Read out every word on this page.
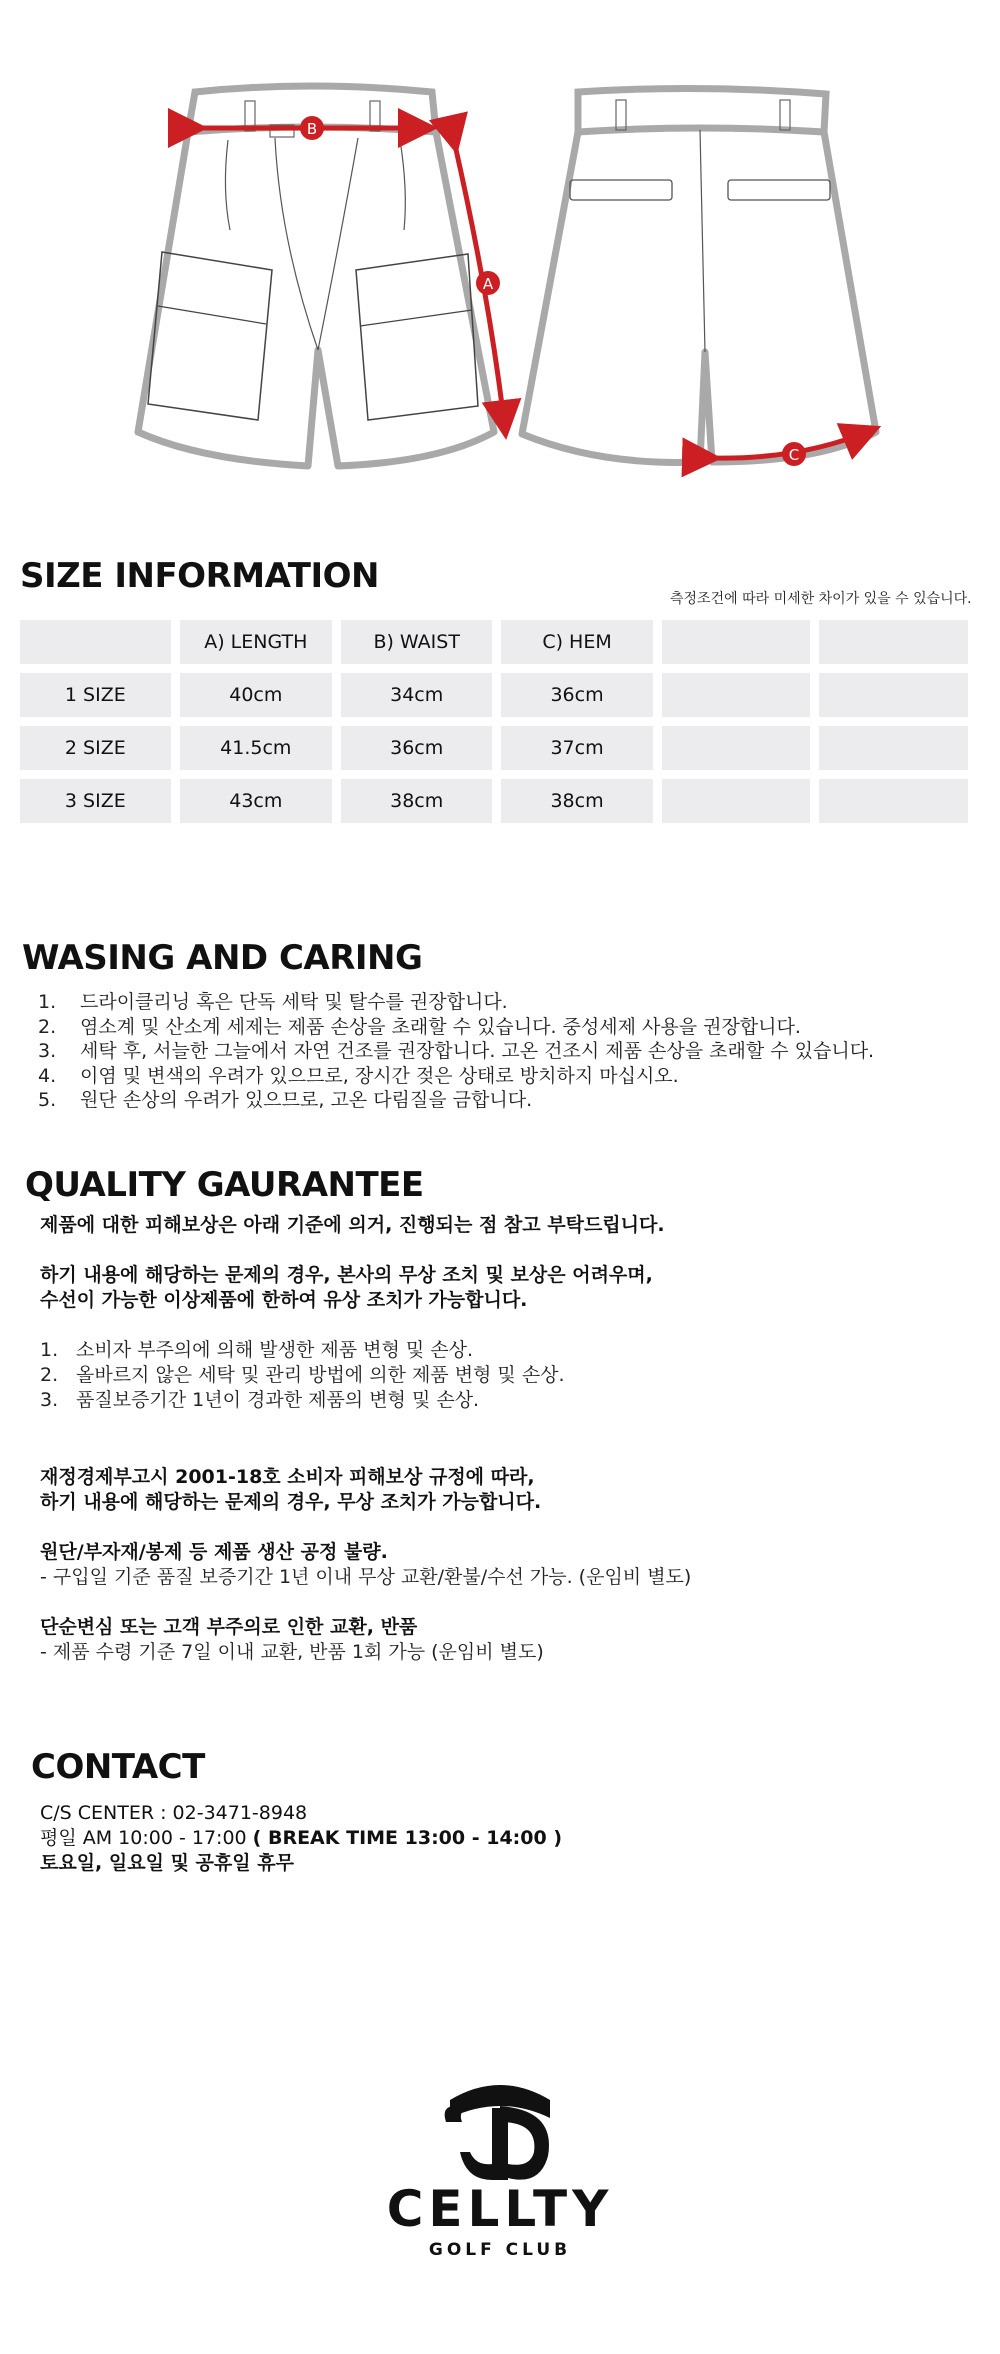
B
A
C
SIZE INFORMATION
측정조건에 따라 미세한 차이가 있을 수 있습니다.
	A) LENGTH	B) WAIST	C) HEM		
1 SIZE	40cm	34cm	36cm		
2 SIZE	41.5cm	36cm	37cm		
3 SIZE	43cm	38cm	38cm		
WASING AND CARING
1.	드라이클리닝 혹은 단독 세탁 및 탈수를 권장합니다.
2.	염소계 및 산소계 세제는 제품 손상을 초래할 수 있습니다. 중성세제 사용을 권장합니다.
3.	세탁 후, 서늘한 그늘에서 자연 건조를 권장합니다. 고온 건조시 제품 손상을 초래할 수 있습니다.
4.	이염 및 변색의 우려가 있으므로, 장시간 젖은 상태로 방치하지 마십시오.
5.	원단 손상의 우려가 있으므로, 고온 다림질을 금합니다.
QUALITY GAURANTEE
제품에 대한 피해보상은 아래 기준에 의거, 진행되는 점 참고 부탁드립니다.
하기 내용에 해당하는 문제의 경우, 본사의 무상 조치 및 보상은 어려우며,
수선이 가능한 이상제품에 한하여 유상 조치가 가능합니다.
1. 소비자 부주의에 의해 발생한 제품 변형 및 손상.
2. 올바르지 않은 세탁 및 관리 방법에 의한 제품 변형 및 손상.
3. 품질보증기간 1년이 경과한 제품의 변형 및 손상.
재정경제부고시 2001-18호 소비자 피해보상 규정에 따라,
하기 내용에 해당하는 문제의 경우, 무상 조치가 가능합니다.
원단/부자재/봉제 등 제품 생산 공정 불량.
- 구입일 기준 품질 보증기간 1년 이내 무상 교환/환불/수선 가능. (운임비 별도)
단순변심 또는 고객 부주의로 인한 교환, 반품
- 제품 수령 기준 7일 이내 교환, 반품 1회 가능 (운임비 별도)
CONTACT
C/S CENTER : 02-3471-8948
평일 AM 10:00 - 17:00 ( BREAK TIME 13:00 - 14:00 )
토요일, 일요일 및 공휴일 휴무
CELLTY
GOLF CLUB
